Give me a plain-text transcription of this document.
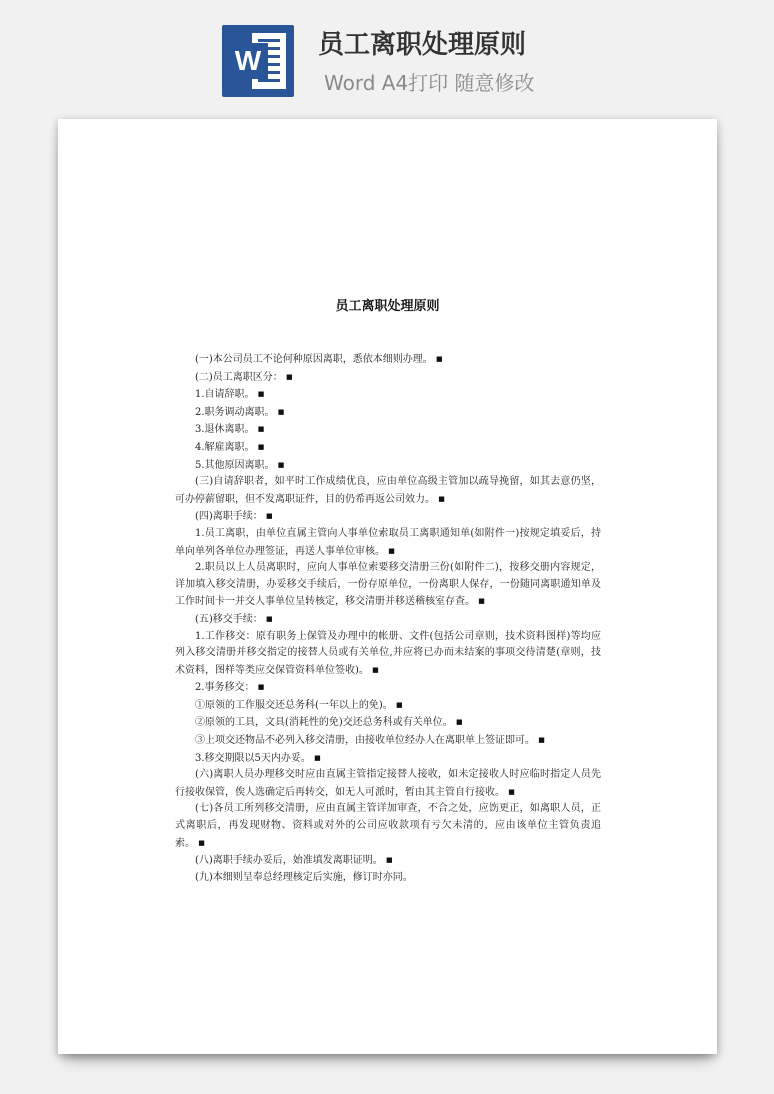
W 员工离职处理原则
Word A4打印 随意修改
员工离职处理原则

(一)本公司员工不论何种原因离职，悉依本细则办理。 ■

(二)员工离职区分： ■

1.自请辞职。 ■

2.职务调动离职。 ■

3.退休离职。 ■

4.解雇离职。 ■

5.其他原因离职。 ■

(三)自请辞职者，如平时工作成绩优良，应由单位高级主管加以疏导挽留，如其去意仍坚，可办停薪留职，但不发离职证件，目的仍希再返公司效力。 ■

(四)离职手续： ■

1.员工离职，由单位直属主管向人事单位索取员工离职通知单(如附件一)按规定填妥后，持单向单列各单位办理签证，再送人事单位审核。 ■

2.职员以上人员离职时，应向人事单位索要移交清册三份(如附件二)，按移交册内容规定，详加填入移交清册，办妥移交手续后，一份存原单位，一份离职人保存，一份随同离职通知单及工作时间卡一并交人事单位呈转核定，移交清册并移送稽核室存查。 ■

(五)移交手续： ■

1.工作移交：原有职务上保管及办理中的帐册、文件(包括公司章则，技术资料图样)等均应列入移交清册并移交指定的接替人员或有关单位,并应将已办而未结案的事项交待清楚(章则，技术资料，图样等类应交保管资料单位签收)。 ■

2.事务移交： ■

①原领的工作服交还总务科(一年以上的免)。 ■

②原领的工具，文具(消耗性的免)交还总务科或有关单位。 ■

③上项交还物品不必列入移交清册，由接收单位经办人在离职单上签证即可。 ■

3.移交期限以5天内办妥。 ■

(六)离职人员办理移交时应由直属主管指定接替人接收，如未定接收人时应临时指定人员先行接收保管，俟人选确定后再转交，如无人可派时，暂由其主管自行接收。 ■

(七)各员工所列移交清册，应由直属主管详加审查，不合之处，应饬更正，如离职人员，正式离职后，再发现财物、资料或对外的公司应收款项有亏欠未清的，应由该单位主管负责追索。 ■

(八)离职手续办妥后，始准填发离职证明。 ■

(九)本细则呈奉总经理核定后实施，修订时亦同。
